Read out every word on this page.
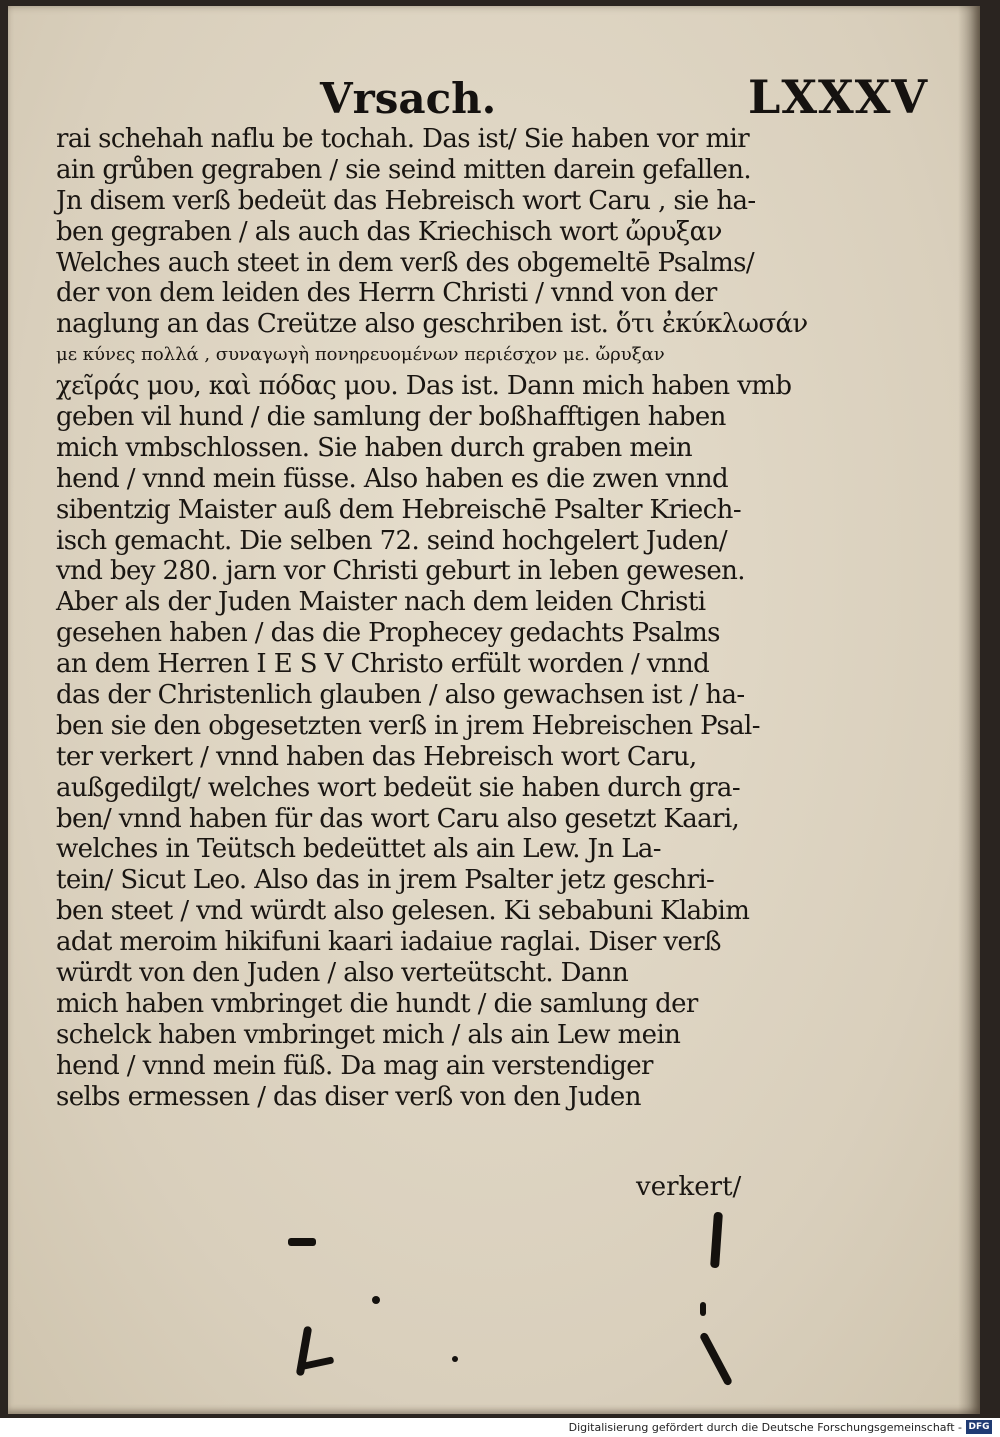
Vrsach.	LXXXV
rai schehah naflu be tochah. Das ist/ Sie haben vor mir
ain grůben gegraben / sie seind mitten darein gefallen.
Jn disem verß bedeüt das Hebreisch wort Caru , sie ha-
ben gegraben / als auch das Kriechisch wort ὤρυξαν
Welches auch steet in dem verß des obgemeltē Psalms/
der von dem leiden des Herrn Christi / vnnd von der
naglung an das Creütze also geschriben ist. ὅτι ἐκύκλωσάν
με κύνες πολλά , συναγωγὴ πονηρευομένων περιέσχον με. ὤρυξαν
χεῖράς μου, καὶ πόδας μου. Das ist. Dann mich haben vmb
geben vil hund / die samlung der boßhafftigen haben
mich vmbschlossen. Sie haben durch graben mein
hend / vnnd mein füsse. Also haben es die zwen vnnd
sibentzig Maister auß dem Hebreischē Psalter Kriech-
isch gemacht. Die selben 72. seind hochgelert Juden/
vnd bey 280. jarn vor Christi geburt in leben gewesen.
Aber als der Juden Maister nach dem leiden Christi
gesehen haben / das die Prophecey gedachts Psalms
an dem Herren I E S V Christo erfült worden / vnnd
das der Christenlich glauben / also gewachsen ist / ha-
ben sie den obgesetzten verß in jrem Hebreischen Psal-
ter verkert / vnnd haben das Hebreisch wort Caru,
außgedilgt/ welches wort bedeüt sie haben durch gra-
ben/ vnnd haben für das wort Caru also gesetzt Kaari,
welches in Teütsch bedeüttet als ain Lew. Jn La-
tein/ Sicut Leo. Also das in jrem Psalter jetz geschri-
ben steet / vnd würdt also gelesen. Ki sebabuni Klabim
adat meroim hikifuni kaari iadaiue raglai. Diser verß
würdt von den Juden / also verteütscht. Dann
mich haben vmbringet die hundt / die samlung der
schelck haben vmbringet mich / als ain Lew mein
hend / vnnd mein füß. Da mag ain verstendiger
selbs ermessen / das diser verß von den Juden
verkert/
Digitalisierung gefördert durch die Deutsche Forschungsgemeinschaft - DFG
